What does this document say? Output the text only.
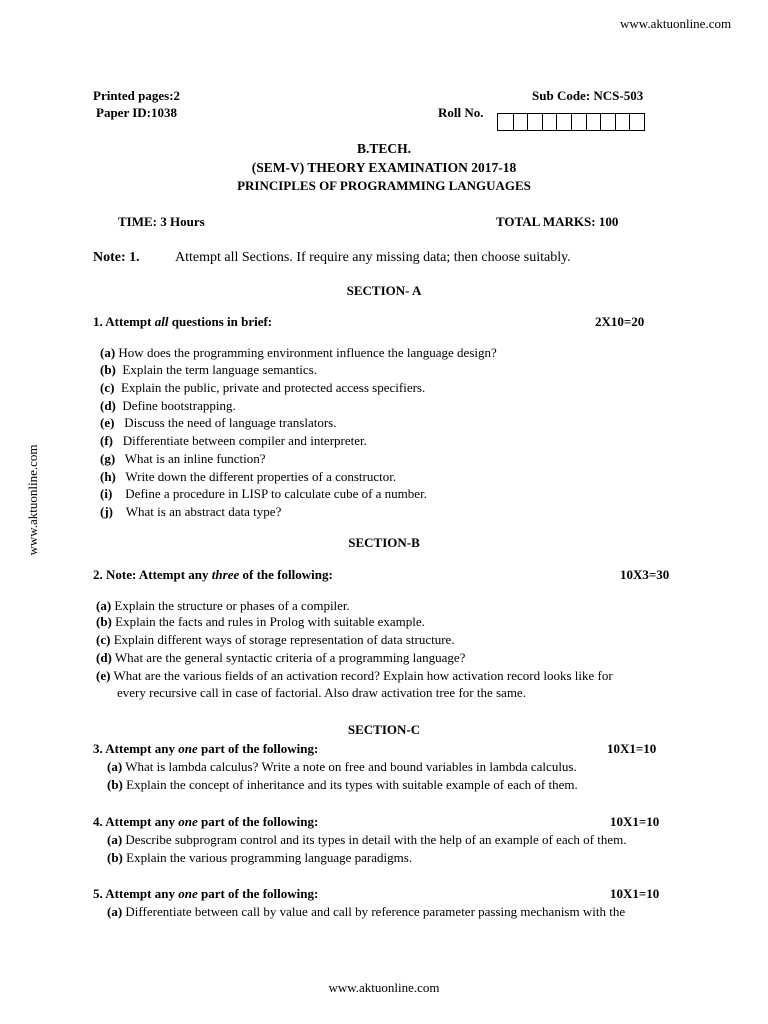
www.aktuonline.com
www.aktuonline.com
www.aktuonline.com
Printed pages:2
Paper ID:1038
Sub Code: NCS-503
Roll No.
B.TECH.
(SEM-V) THEORY EXAMINATION 2017-18
PRINCIPLES OF PROGRAMMING LANGUAGES
TIME: 3 Hours	TOTAL MARKS: 100
Note: 1.	Attempt all Sections. If require any missing data; then choose suitably.
SECTION- A
1. Attempt all questions in brief:	2X10=20
(a) How does the programming environment influence the language design?
(b) Explain the term language semantics.
(c) Explain the public, private and protected access specifiers.
(d) Define bootstrapping.
(e) Discuss the need of language translators.
(f) Differentiate between compiler and interpreter.
(g) What is an inline function?
(h) Write down the different properties of a constructor.
(i) Define a procedure in LISP to calculate cube of a number.
(j) What is an abstract data type?
SECTION-B
2. Note: Attempt any three of the following:	10X3=30
(a) Explain the structure or phases of a compiler.
(b) Explain the facts and rules in Prolog with suitable example.
(c) Explain different ways of storage representation of data structure.
(d) What are the general syntactic criteria of a programming language?
(e) What are the various fields of an activation record? Explain how activation record looks like for
every recursive call in case of factorial. Also draw activation tree for the same.
SECTION-C
3. Attempt any one part of the following:	10X1=10
(a) What is lambda calculus? Write a note on free and bound variables in lambda calculus.
(b) Explain the concept of inheritance and its types with suitable example of each of them.
4. Attempt any one part of the following:	10X1=10
(a) Describe subprogram control and its types in detail with the help of an example of each of them.
(b) Explain the various programming language paradigms.
5. Attempt any one part of the following:	10X1=10
(a) Differentiate between call by value and call by reference parameter passing mechanism with the
